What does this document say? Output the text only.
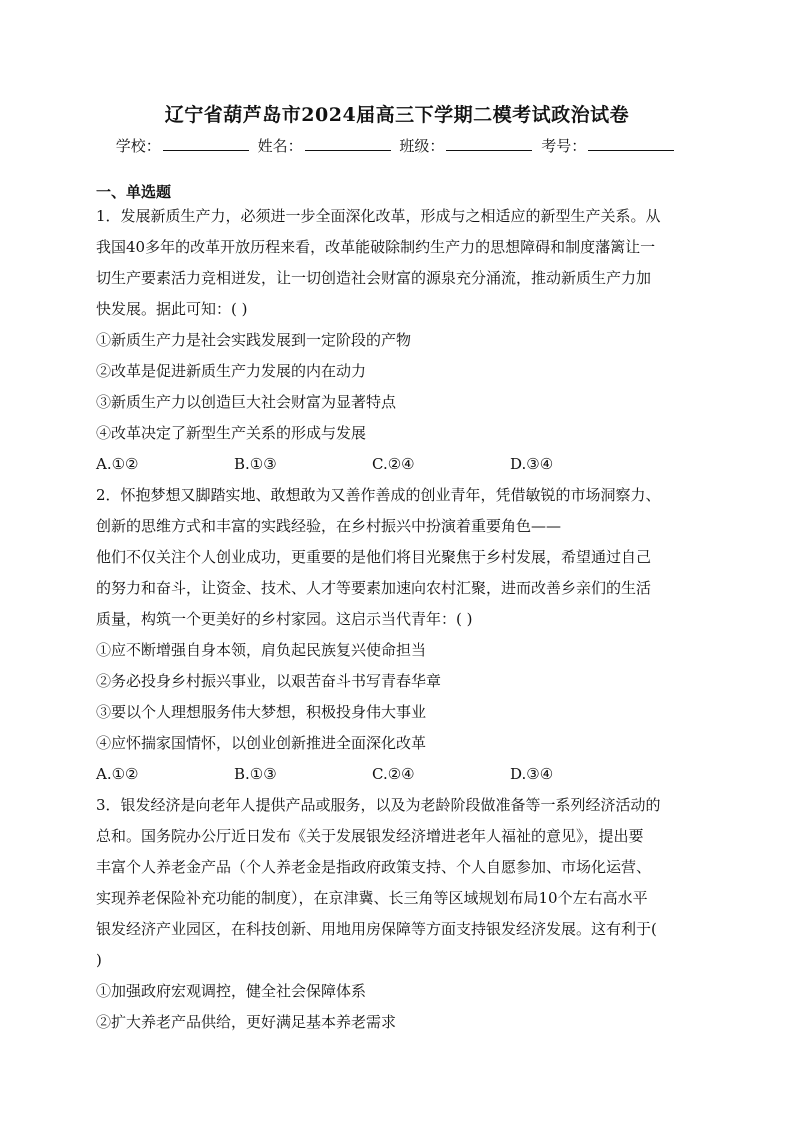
辽宁省葫芦岛市2024届高三下学期二模考试政治试卷
学校：	姓名：	班级：	考号：
一、单选题

1．发展新质生产力，必须进一步全面深化改革，形成与之相适应的新型生产关系。从

我国40多年的改革开放历程来看，改革能破除制约生产力的思想障碍和制度藩篱让一

切生产要素活力竞相迸发，让一切创造社会财富的源泉充分涌流，推动新质生产力加

快发展。据此可知：( )

①新质生产力是社会实践发展到一定阶段的产物

②改革是促进新质生产力发展的内在动力

③新质生产力以创造巨大社会财富为显著特点

④改革决定了新型生产关系的形成与发展

A.①②	B.①③	C.②④	D.③④

2．怀抱梦想又脚踏实地、敢想敢为又善作善成的创业青年，凭借敏锐的市场洞察力、

创新的思维方式和丰富的实践经验，在乡村振兴中扮演着重要角色——

他们不仅关注个人创业成功，更重要的是他们将目光聚焦于乡村发展，希望通过自己

的努力和奋斗，让资金、技术、人才等要素加速向农村汇聚，进而改善乡亲们的生活

质量，构筑一个更美好的乡村家园。这启示当代青年：( )

①应不断增强自身本领，肩负起民族复兴使命担当

②务必投身乡村振兴事业，以艰苦奋斗书写青春华章

③要以个人理想服务伟大梦想，积极投身伟大事业

④应怀揣家国情怀，以创业创新推进全面深化改革

A.①②	B.①③	C.②④	D.③④

3．银发经济是向老年人提供产品或服务，以及为老龄阶段做准备等一系列经济活动的

总和。国务院办公厅近日发布《关于发展银发经济增进老年人福祉的意见》，提出要

丰富个人养老金产品（个人养老金是指政府政策支持、个人自愿参加、市场化运营、

实现养老保险补充功能的制度），在京津冀、长三角等区域规划布局10个左右高水平

银发经济产业园区，在科技创新、用地用房保障等方面支持银发经济发展。这有利于(

)

①加强政府宏观调控，健全社会保障体系

②扩大养老产品供给，更好满足基本养老需求
